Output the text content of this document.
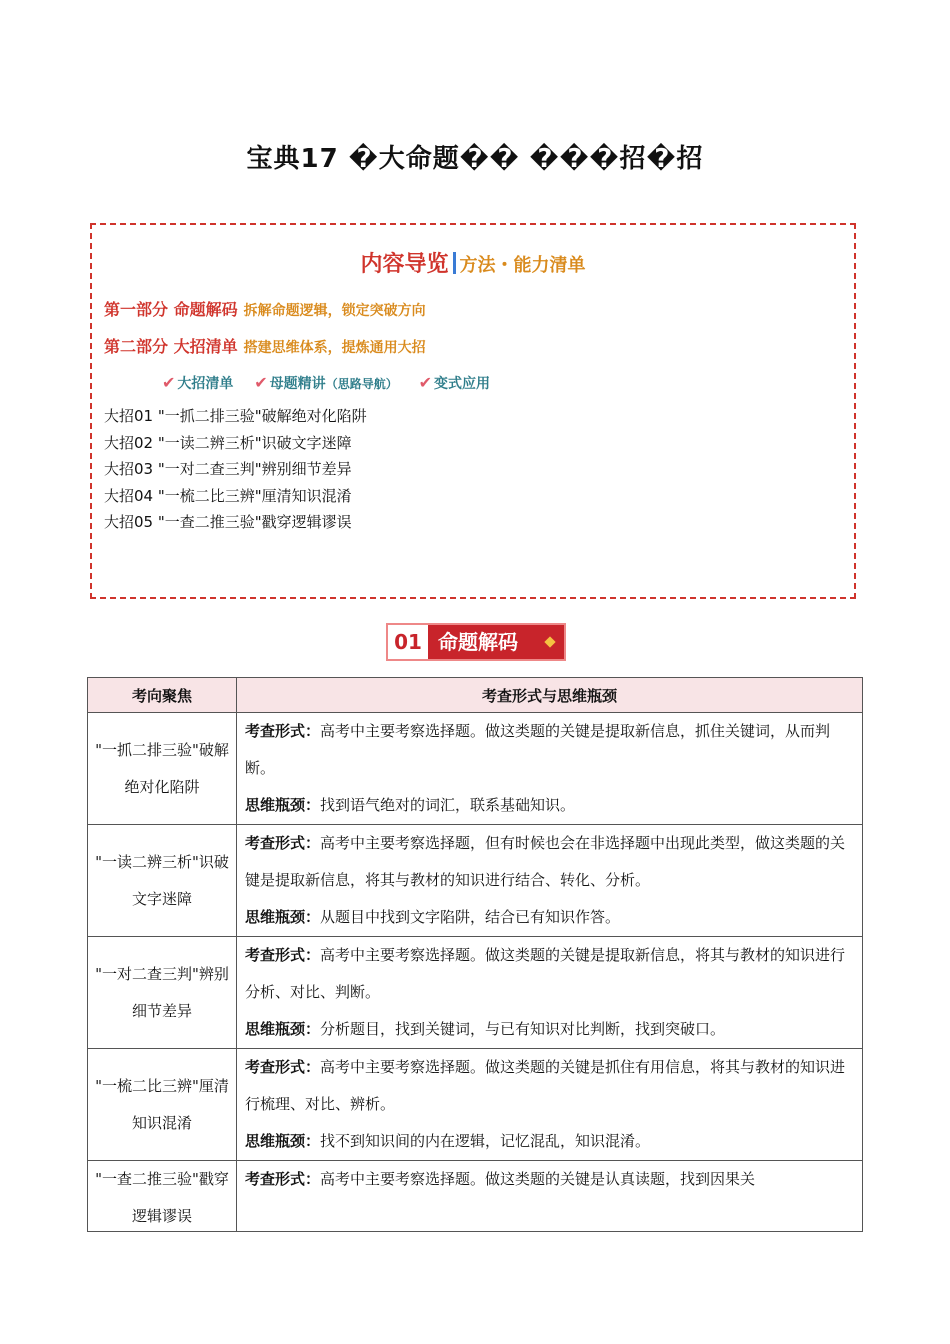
宝典17 �大命题�� ���招�招
内容导览 方法・能力清单
第一部分 命题解码 拆解命题逻辑，锁定突破方向
第二部分 大招清单 搭建思维体系，提炼通用大招
✔ 大招清单 ✔ 母题精讲（思路导航） ✔ 变式应用
大招01 "一抓二排三验"破解绝对化陷阱
大招02 "一读二辨三析"识破文字迷障
大招03 "一对二查三判"辨别细节差异
大招04 "一梳二比三辨"厘清知识混淆
大招05 "一查二推三验"戳穿逻辑谬误
01 命题解码
考向聚焦	考查形式与思维瓶颈
"一抓二排三验"破解绝对化陷阱	考查形式：高考中主要考察选择题。做这类题的关键是提取新信息，抓住关键词，从而判断。
思维瓶颈：找到语气绝对的词汇，联系基础知识。

"一读二辨三析"识破文字迷障	考查形式：高考中主要考察选择题，但有时候也会在非选择题中出现此类型，做这类题的关键是提取新信息，将其与教材的知识进行结合、转化、分析。
思维瓶颈：从题目中找到文字陷阱，结合已有知识作答。

"一对二查三判"辨别细节差异	考查形式：高考中主要考察选择题。做这类题的关键是提取新信息，将其与教材的知识进行分析、对比、判断。
思维瓶颈：分析题目，找到关键词，与已有知识对比判断，找到突破口。

"一梳二比三辨"厘清知识混淆	考查形式：高考中主要考察选择题。做这类题的关键是抓住有用信息，将其与教材的知识进行梳理、对比、辨析。
思维瓶颈：找不到知识间的内在逻辑，记忆混乱，知识混淆。

"一查二推三验"戳穿逻辑谬误	考查形式：高考中主要考察选择题。做这类题的关键是认真读题，找到因果关
